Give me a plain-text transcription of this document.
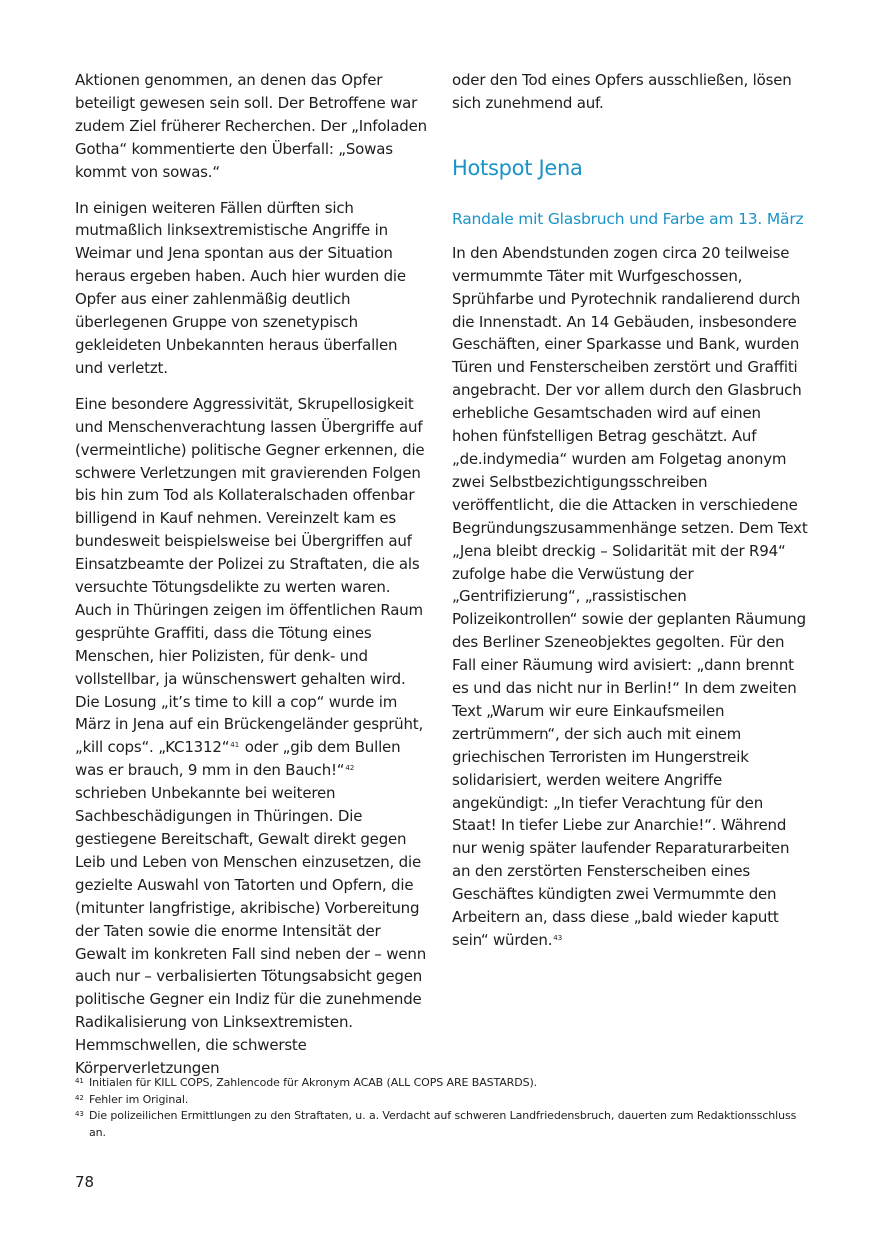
Aktionen genommen, an denen das Opfer beteiligt gewesen sein soll. Der Betroffene war zudem Ziel früherer Recherchen. Der „Infoladen Gotha“ kommentierte den Überfall: „Sowas kommt von sowas.“

In einigen weiteren Fällen dürften sich mutmaßlich linksextremistische Angriffe in Weimar und Jena spontan aus der Situation heraus ergeben haben. Auch hier wurden die Opfer aus einer zahlenmäßig deutlich überlegenen Gruppe von szenetypisch gekleideten Unbekannten heraus überfallen und verletzt.

Eine besondere Aggressivität, Skrupellosigkeit und Menschenverachtung lassen Übergriffe auf (vermeintliche) politische Gegner erkennen, die schwere Verletzungen mit gravierenden Folgen bis hin zum Tod als Kollateralschaden offenbar billigend in Kauf nehmen. Vereinzelt kam es bundesweit beispielsweise bei Übergriffen auf Einsatzbeamte der Polizei zu Straftaten, die als versuchte Tötungsdelikte zu werten waren. Auch in Thüringen zeigen im öffentlichen Raum gesprühte Graffiti, dass die Tötung eines Menschen, hier Polizisten, für denk- und vollstellbar, ja wünschenswert gehalten wird. Die Losung „it’s time to kill a cop“ wurde im März in Jena auf ein Brückengeländer gesprüht, „kill cops“. „KC1312“$^{41}$ oder „gib dem Bullen was er brauch, 9 mm in den Bauch!“$^{42}$ schrieben Unbekannte bei weiteren Sachbeschädigungen in Thüringen. Die gestiegene Bereitschaft, Gewalt direkt gegen Leib und Leben von Menschen einzusetzen, die gezielte Auswahl von Tatorten und Opfern, die (mitunter langfristige, akribische) Vorbereitung der Taten sowie die enorme Intensität der Gewalt im konkreten Fall sind neben der – wenn auch nur – verbalisierten Tötungsabsicht gegen politische Gegner ein Indiz für die zunehmende Radikalisierung von Linksextremisten. Hemmschwellen, die schwerste Körperverletzungen

oder den Tod eines Opfers ausschließen, lösen sich zunehmend auf.

Hotspot Jena
Randale mit Glasbruch und Farbe am 13. März

In den Abendstunden zogen circa 20 teilweise vermummte Täter mit Wurfgeschossen, Sprühfarbe und Pyrotechnik randalierend durch die Innenstadt. An 14 Gebäuden, insbesondere Geschäften, einer Sparkasse und Bank, wurden Türen und Fensterscheiben zerstört und Graffiti angebracht. Der vor allem durch den Glasbruch erhebliche Gesamtschaden wird auf einen hohen fünfstelligen Betrag geschätzt. Auf „de.indymedia“ wurden am Folgetag anonym zwei Selbstbezichtigungsschreiben veröffentlicht, die die Attacken in verschiedene Begründungszusammenhänge setzen. Dem Text „Jena bleibt dreckig – Solidarität mit der R94“ zufolge habe die Verwüstung der „Gentrifizierung“, „rassistischen Polizeikontrollen“ sowie der geplanten Räumung des Berliner Szeneobjektes gegolten. Für den Fall einer Räumung wird avisiert: „dann brennt es und das nicht nur in Berlin!“ In dem zweiten Text „Warum wir eure Einkaufsmeilen zertrümmern“, der sich auch mit einem griechischen Terroristen im Hungerstreik solidarisiert, werden weitere Angriffe angekündigt: „In tiefer Verachtung für den Staat! In tiefer Liebe zur Anarchie!“. Während nur wenig später laufender Reparaturarbeiten an den zerstörten Fensterscheiben eines Geschäftes kündigten zwei Vermummte den Arbeitern an, dass diese „bald wieder kaputt sein“ würden.$^{43}$

41 Initialen für KILL COPS, Zahlencode für Akronym ACAB (ALL COPS ARE BASTARDS).
42 Fehler im Original.
43 Die polizeilichen Ermittlungen zu den Straftaten, u. a. Verdacht auf schweren Landfriedensbruch, dauerten zum Redaktionsschluss an.
78
